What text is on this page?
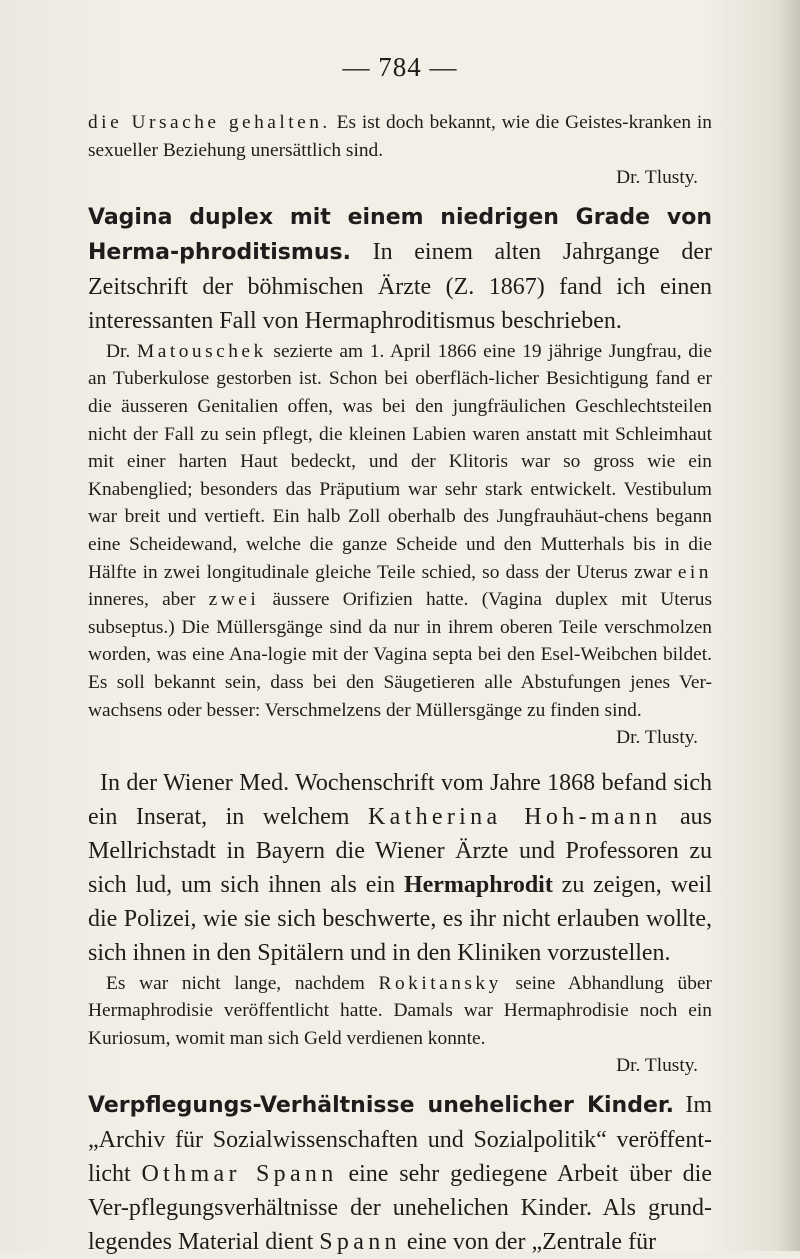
— 784 —

die Ursache gehalten. Es ist doch bekannt, wie die Geistes-kranken in sexueller Beziehung unersättlich sind.

Dr. Tlusty.

Vagina duplex mit einem niedrigen Grade von Herma-phroditismus. In einem alten Jahrgange der Zeitschrift der böhmischen Ärzte (Z. 1867) fand ich einen interessanten Fall von Hermaphroditismus beschrieben.

Dr. Matouschek sezierte am 1. April 1866 eine 19 jährige Jungfrau, die an Tuberkulose gestorben ist. Schon bei oberfläch-licher Besichtigung fand er die äusseren Genitalien offen, was bei den jungfräulichen Geschlechtsteilen nicht der Fall zu sein pflegt, die kleinen Labien waren anstatt mit Schleimhaut mit einer harten Haut bedeckt, und der Klitoris war so gross wie ein Knabenglied; besonders das Präputium war sehr stark entwickelt. Vestibulum war breit und vertieft. Ein halb Zoll oberhalb des Jungfrauhäut-chens begann eine Scheidewand, welche die ganze Scheide und den Mutterhals bis in die Hälfte in zwei longitudinale gleiche Teile schied, so dass der Uterus zwar ein inneres, aber zwei äussere Orifizien hatte. (Vagina duplex mit Uterus subseptus.) Die Müllersgänge sind da nur in ihrem oberen Teile verschmolzen worden, was eine Ana-logie mit der Vagina septa bei den Esel-Weibchen bildet. Es soll bekannt sein, dass bei den Säugetieren alle Abstufungen jenes Ver-wachsens oder besser: Verschmelzens der Müllersgänge zu finden sind.

Dr. Tlusty.

In der Wiener Med. Wochenschrift vom Jahre 1868 befand sich ein Inserat, in welchem Katherina Hoh-mann aus Mellrichstadt in Bayern die Wiener Ärzte und Professoren zu sich lud, um sich ihnen als ein Hermaphrodit zu zeigen, weil die Polizei, wie sie sich beschwerte, es ihr nicht erlauben wollte, sich ihnen in den Spitälern und in den Kliniken vorzustellen.

Es war nicht lange, nachdem Rokitansky seine Abhandlung über Hermaphrodisie veröffentlicht hatte. Damals war Hermaphrodisie noch ein Kuriosum, womit man sich Geld verdienen konnte.

Dr. Tlusty.

Verpflegungs-Verhältnisse unehelicher Kinder. Im „Archiv für Sozialwissenschaften und Sozialpolitik“ veröffent-licht Othmar Spann eine sehr gediegene Arbeit über die Ver-pflegungsverhältnisse der unehelichen Kinder. Als grund-legendes Material dient Spann eine von der „Zentrale für
